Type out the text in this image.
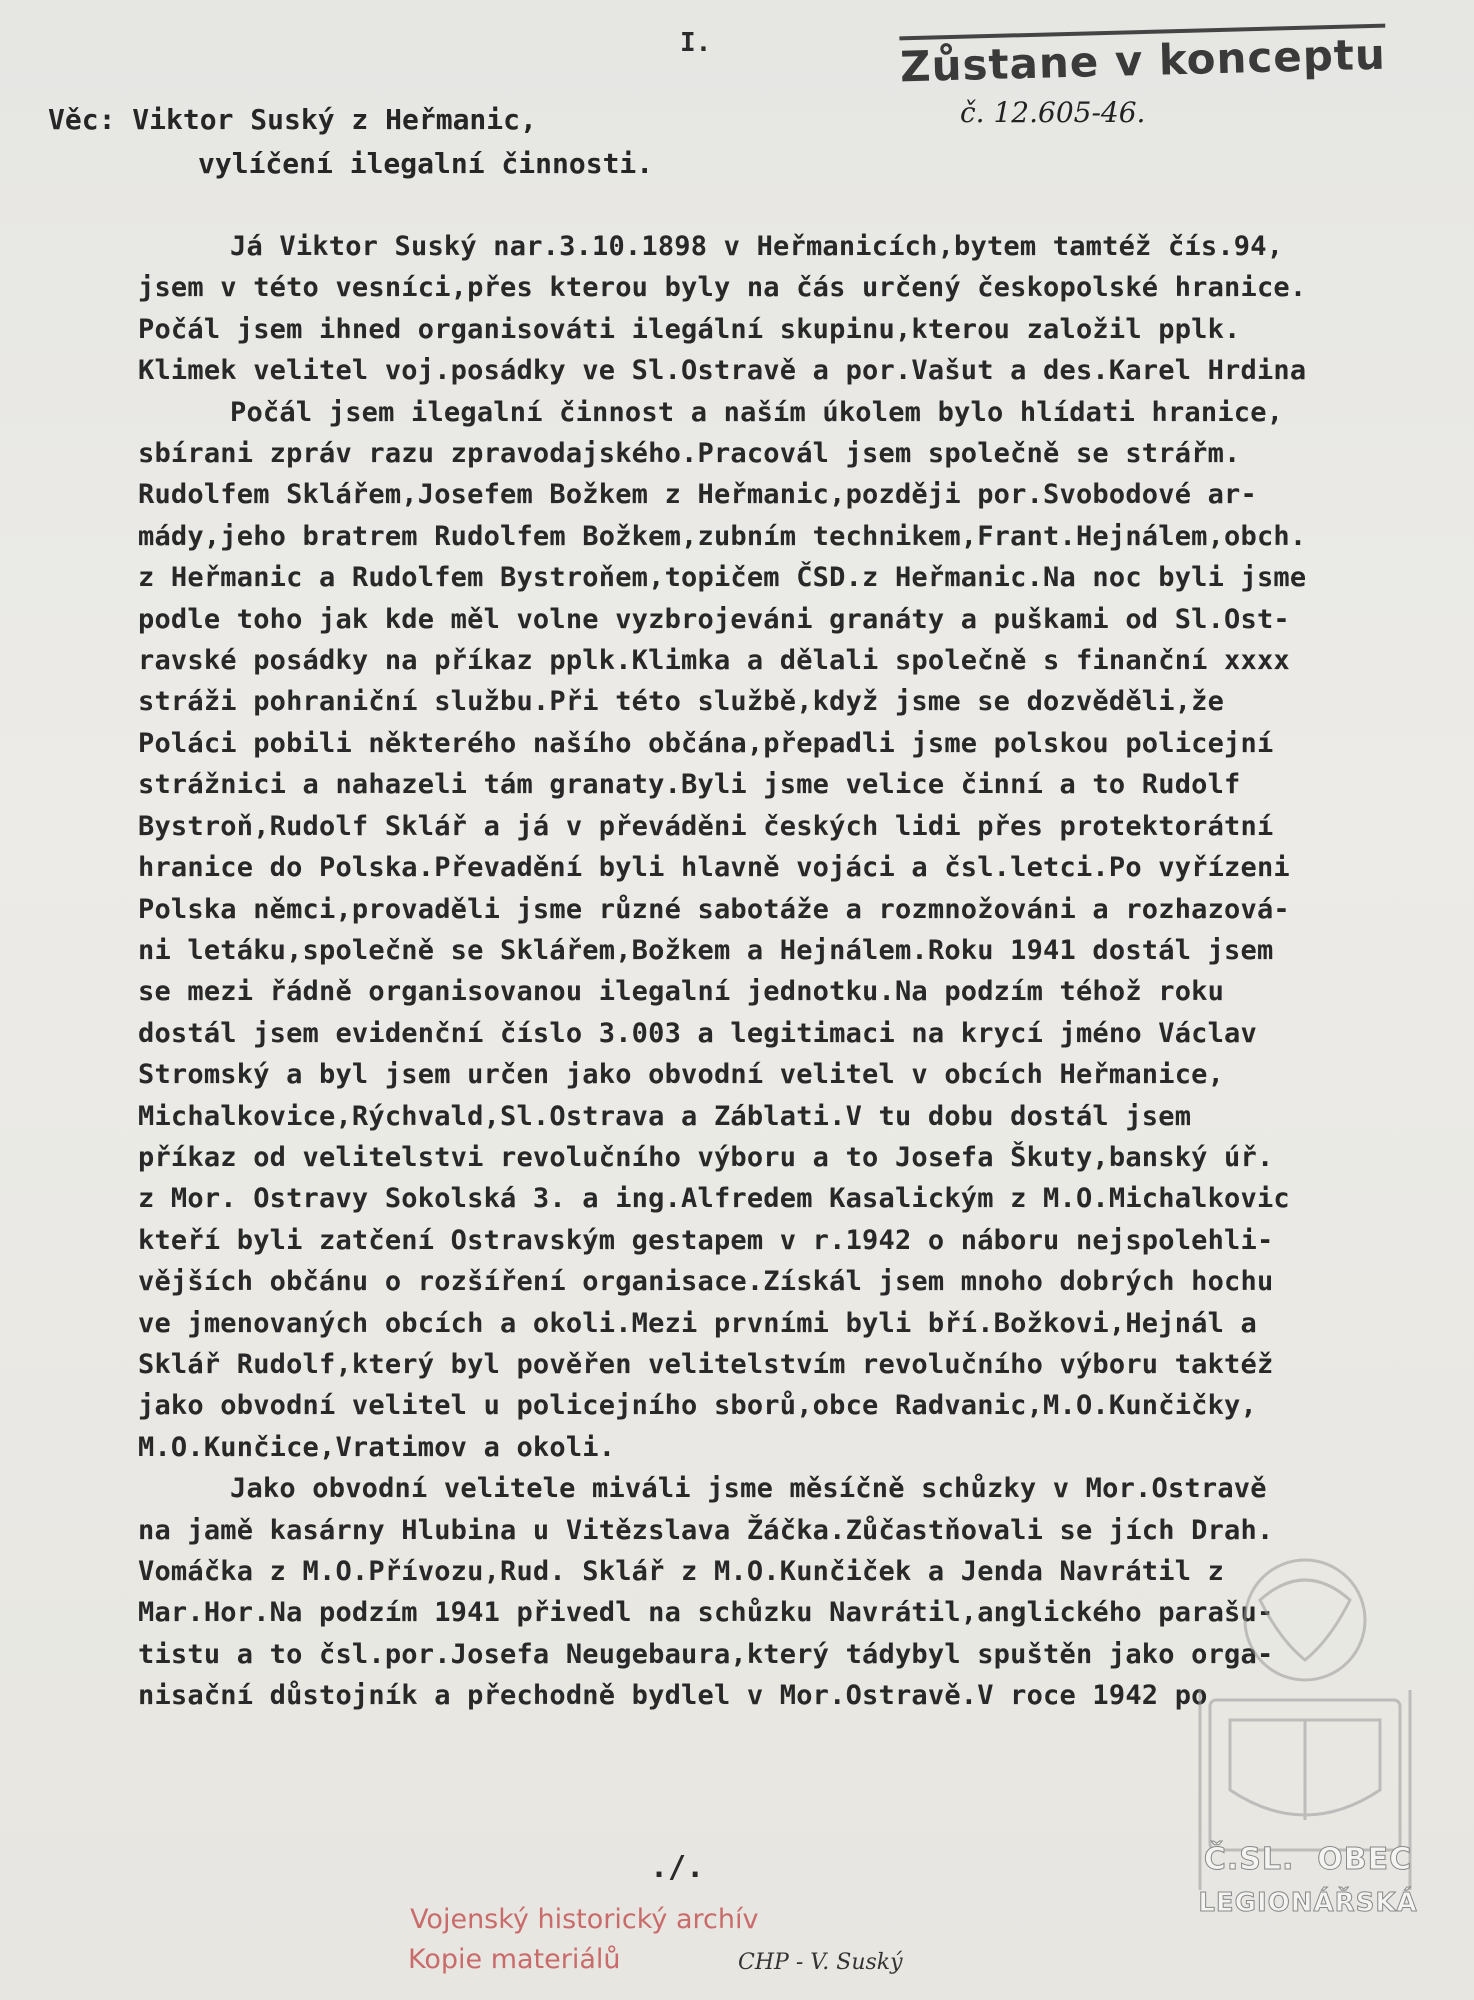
I.	Zůstane v konceptu
č. 12.605-46.
Věc: Viktor Suský z Heřmanic,
vylíčení ilegalní činnosti.
Já Viktor Suský nar.3.10.1898 v Heřmanicích,bytem tamtéž čís.94,
jsem v této vesníci,přes kterou byly na čás určený českopolské hranice.
Počál jsem ihned organisováti ilegální skupinu,kterou založil pplk.
Klimek velitel voj.posádky ve Sl.Ostravě a por.Vašut a des.Karel Hrdina
Počál jsem ilegalní činnost a naším úkolem bylo hlídati hranice,
sbírani zpráv razu zpravodajského.Pracovál jsem společně se strářm.
Rudolfem Sklářem,Josefem Božkem z Heřmanic,později por.Svobodové ar-
mády,jeho bratrem Rudolfem Božkem,zubním technikem,Frant.Hejnálem,obch.
z Heřmanic a Rudolfem Bystroňem,topičem ČSD.z Heřmanic.Na noc byli jsme
podle toho jak kde měl volne vyzbrojeváni granáty a puškami od Sl.Ost-
ravské posádky na příkaz pplk.Klimka a dělali společně s finanční xxxx
stráži pohraniční službu.Při této službě,když jsme se dozvěděli,že
Poláci pobili některého našího občána,přepadli jsme polskou policejní
strážnici a nahazeli tám granaty.Byli jsme velice činní a to Rudolf
Bystroň,Rudolf Sklář a já v převáděni českých lidi přes protektorátní
hranice do Polska.Převadění byli hlavně vojáci a čsl.letci.Po vyřízeni
Polska němci,provaděli jsme různé sabotáže a rozmnožováni a rozhazová-
ni letáku,společně se Sklářem,Božkem a Hejnálem.Roku 1941 dostál jsem
se mezi řádně organisovanou ilegalní jednotku.Na podzím téhož roku
dostál jsem evidenční číslo 3.003 a legitimaci na krycí jméno Václav
Stromský a byl jsem určen jako obvodní velitel v obcích Heřmanice,
Michalkovice,Rýchvald,Sl.Ostrava a Záblati.V tu dobu dostál jsem
příkaz od velitelstvi revolučního výboru a to Josefa Škuty,banský úř.
z Mor. Ostravy Sokolská 3. a ing.Alfredem Kasalickým z M.O.Michalkovic
kteří byli zatčení Ostravským gestapem v r.1942 o náboru nejspolehli-
vějších občánu o rozšíření organisace.Získál jsem mnoho dobrých hochu
ve jmenovaných obcích a okoli.Mezi prvními byli bří.Božkovi,Hejnál a
Sklář Rudolf,který byl pověřen velitelstvím revolučního výboru taktéž
jako obvodní velitel u policejního sborů,obce Radvanic,M.O.Kunčičky,
M.O.Kunčice,Vratimov a okoli.
Jako obvodní velitele miváli jsme měsíčně schůzky v Mor.Ostravě
na jamě kasárny Hlubina u Vitězslava Žáčka.Zůčastňovali se jích Drah.
Vomáčka z M.O.Přívozu,Rud. Sklář z M.O.Kunčiček a Jenda Navrátil z
Mar.Hor.Na podzím 1941 přivedl na schůzku Navrátil,anglického parašu-
tistu a to čsl.por.Josefa Neugebaura,který tádybyl spuštěn jako orga-
nisační důstojník a přechodně bydlel v Mor.Ostravě.V roce 1942 po
./.
Vojenský historický archív
Kopie materiálů	CHP - V. Suský
Č.SL. OBEC
LEGIONÁŘSKÁ
